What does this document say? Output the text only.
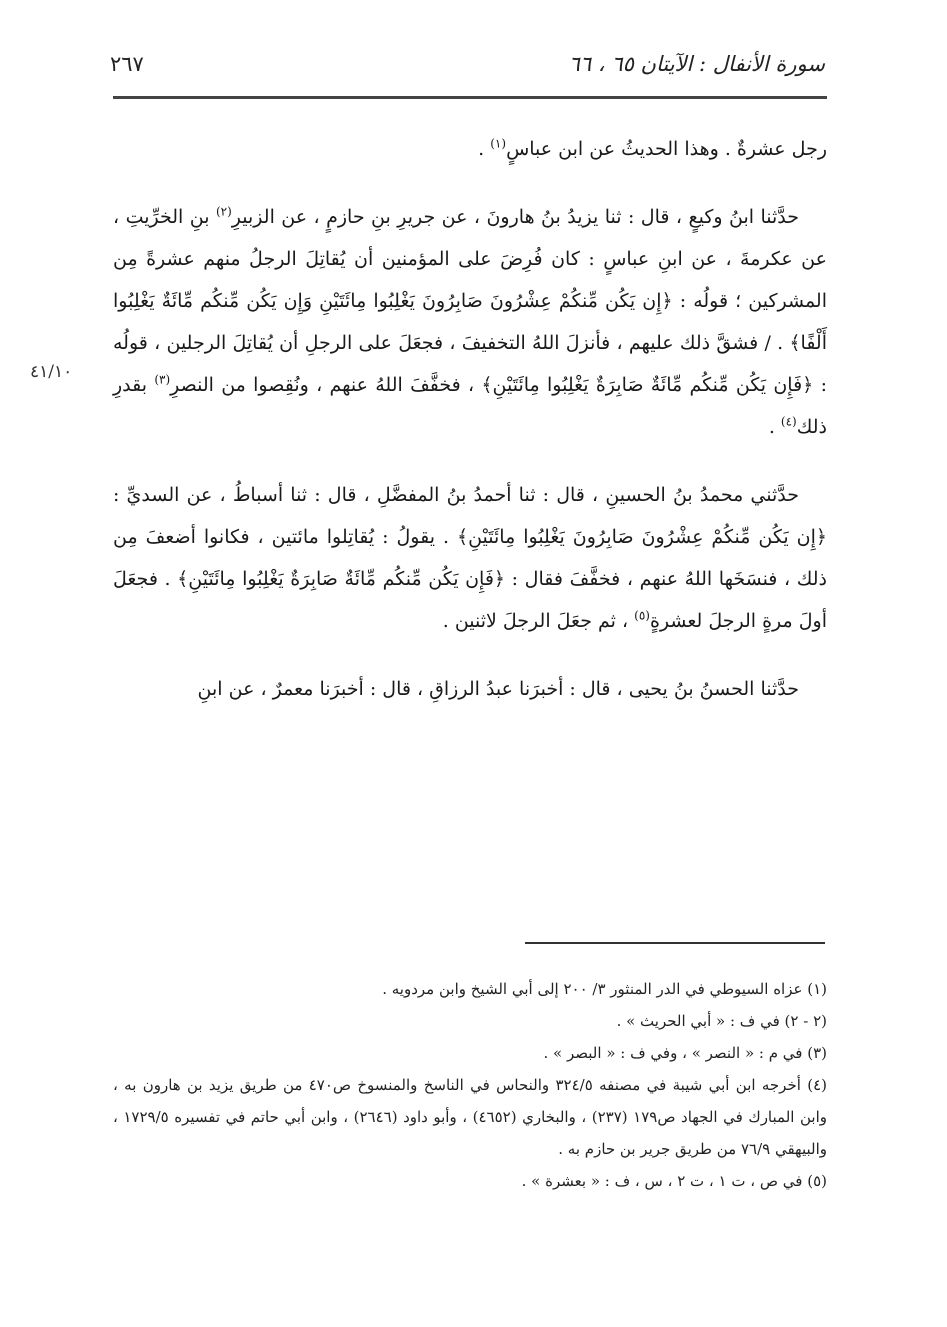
سورة الأنفال : الآيتان ٦٥ ، ٦٦
٢٦٧
٤١/١٠

رجل عشرةٌ . وهذا الحديثُ عن ابن عباسٍ$^{(١)}$ .

حدَّثنا ابنُ وكيعٍ ، قال : ثنا يزيدُ بنُ هارونَ ، عن جريرِ بنِ حازمٍ ، عن الزبيرِ$^{(٢)}$ بنِ الخرِّيتِ ، عن عكرمةَ ، عن ابنِ عباسٍ : كان فُرِضَ على المؤمنين أن يُقاتِلَ الرجلُ منهم عشرةً مِن المشركين ؛ قولُه : ﴿إِن يَكُن مِّنكُمْ عِشْرُونَ صَابِرُونَ يَغْلِبُوا مِائَتَيْنِ وَإِن يَكُن مِّنكُم مِّائَةٌ يَغْلِبُوا أَلْفًا﴾ . / فشقَّ ذلك عليهم ، فأنزلَ اللهُ التخفيفَ ، فجعَلَ على الرجلِ أن يُقاتِلَ الرجلين ، قولُه : ﴿فَإِن يَكُن مِّنكُم مِّائَةٌ صَابِرَةٌ يَغْلِبُوا مِائَتَيْنِ﴾ ، فخفَّفَ اللهُ عنهم ، ونُقِصوا من النصرِ$^{(٣)}$ بقدرِ ذلك$^{(٤)}$ .

حدَّثني محمدُ بنُ الحسينِ ، قال : ثنا أحمدُ بنُ المفضَّلِ ، قال : ثنا أسباطُ ، عن السديِّ : ﴿إِن يَكُن مِّنكُمْ عِشْرُونَ صَابِرُونَ يَغْلِبُوا مِائَتَيْنِ﴾ . يقولُ : يُقاتِلوا مائتين ، فكانوا أضعفَ مِن ذلك ، فنسَخَها اللهُ عنهم ، فخفَّفَ فقال : ﴿فَإِن يَكُن مِّنكُم مِّائَةٌ صَابِرَةٌ يَغْلِبُوا مِائَتَيْنِ﴾ . فجعَلَ أولَ مرةٍ الرجلَ لعشرةٍ$^{(٥)}$ ، ثم جعَلَ الرجلَ لاثنين .

حدَّثنا الحسنُ بنُ يحيى ، قال : أخبرَنا عبدُ الرزاقِ ، قال : أخبرَنا معمرٌ ، عن ابنِ

(١) عزاه السيوطي في الدر المنثور ٣/ ٢٠٠ إلى أبي الشيخ وابن مردويه .

(٢ - ٢) في ف : « أبي الحريث » .

(٣) في م : « النصر » ، وفي ف : « البصر » .

(٤) أخرجه ابن أبي شيبة في مصنفه ٣٢٤/٥ والنحاس في الناسخ والمنسوخ ص٤٧٠ من طريق يزيد بن هارون به ، وابن المبارك في الجهاد ص١٧٩ (٢٣٧) ، والبخاري (٤٦٥٢) ، وأبو داود (٢٦٤٦) ، وابن أبي حاتم في تفسيره ١٧٢٩/٥ ، والبيهقي ٧٦/٩ من طريق جرير بن حازم به .

(٥) في ص ، ت ١ ، ت ٢ ، س ، ف : « بعشرة » .
